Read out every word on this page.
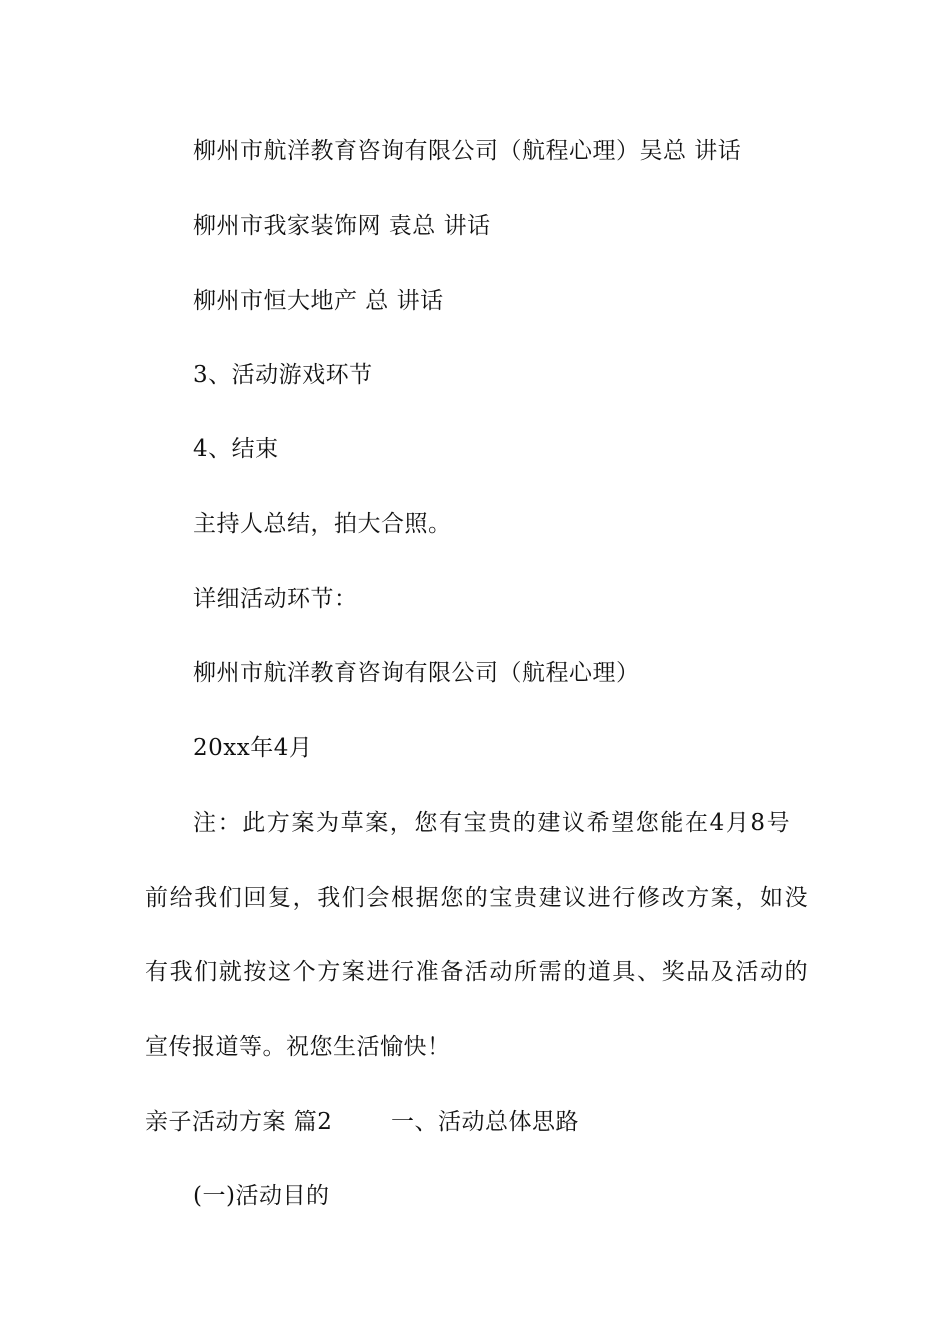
柳州市航洋教育咨询有限公司（航程心理）吴总 讲话
柳州市我家装饰网 袁总 讲话
柳州市恒大地产 总 讲话
3、活动游戏环节
4、结束
主持人总结，拍大合照。
详细活动环节：
柳州市航洋教育咨询有限公司（航程心理）
20xx年4月
注：此方案为草案，您有宝贵的建议希望您能在4月8号
前给我们回复，我们会根据您的宝贵建议进行修改方案，如没
有我们就按这个方案进行准备活动所需的道具、奖品及活动的
宣传报道等。祝您生活愉快！
亲子活动方案 篇2	一、活动总体思路
(一)活动目的
